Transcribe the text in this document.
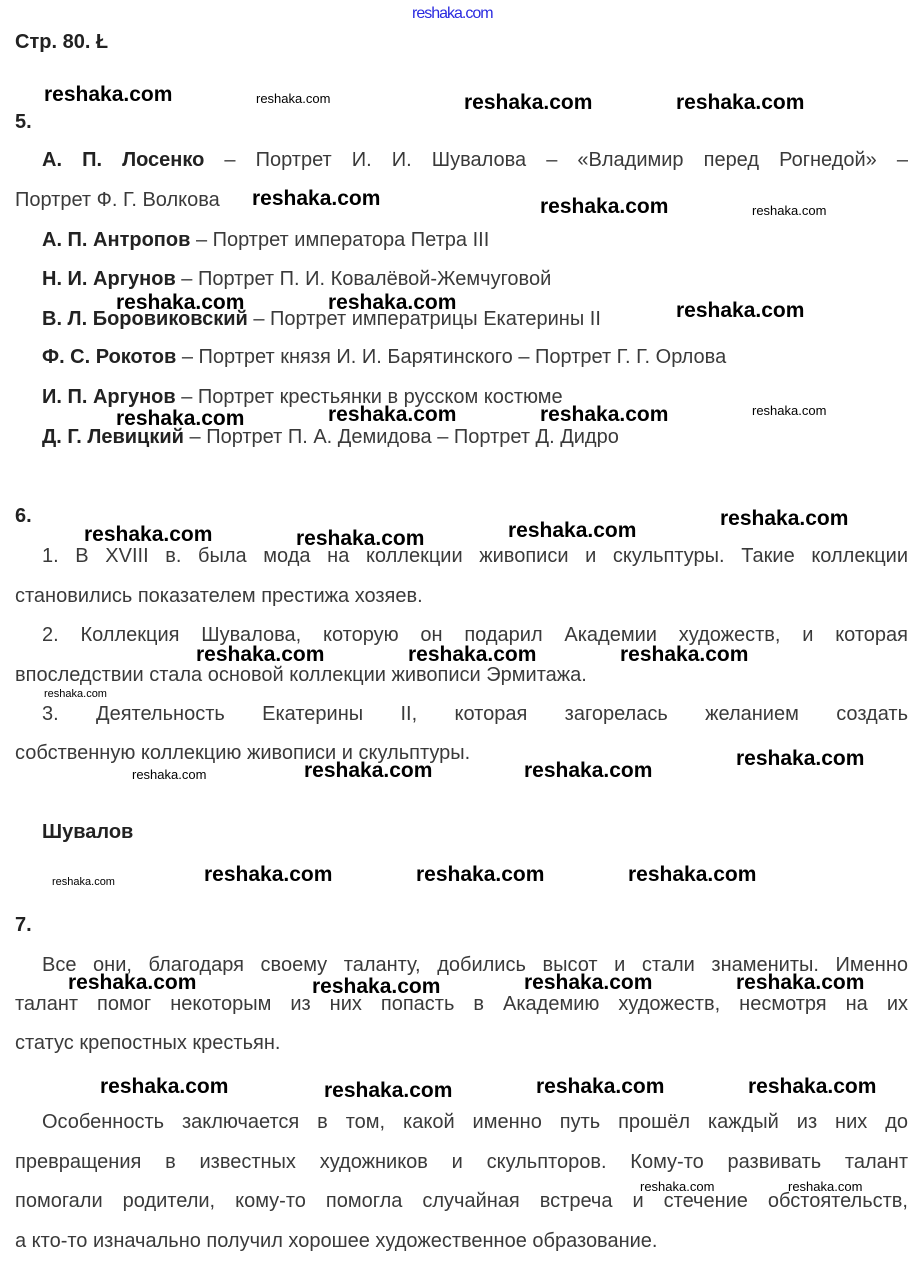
Стр. 80. Ł
5.
А. П. Лосенко – Портрет И. И. Шувалова – «Владимир перед Рогнедой» –
Портрет Ф. Г. Волкова
А. П. Антропов – Портрет императора Петра III
Н. И. Аргунов – Портрет П. И. Ковалёвой-Жемчуговой
В. Л. Боровиковский – Портрет императрицы Екатерины II
Ф. С. Рокотов – Портрет князя И. И. Барятинского – Портрет Г. Г. Орлова
И. П. Аргунов – Портрет крестьянки в русском костюме
Д. Г. Левицкий – Портрет П. А. Демидова – Портрет Д. Дидро
6.
1. В XVIII в. была мода на коллекции живописи и скульптуры. Такие коллекции
становились показателем престижа хозяев.
2. Коллекция Шувалова, которую он подарил Академии художеств, и которая
впоследствии стала основой коллекции живописи Эрмитажа.
3. Деятельность Екатерины II, которая загорелась желанием создать
собственную коллекцию живописи и скульптуры.
Шувалов
7.
Все они, благодаря своему таланту, добились высот и стали знамениты. Именно
талант помог некоторым из них попасть в Академию художеств, несмотря на их
статус крепостных крестьян.
Особенность заключается в том, какой именно путь прошёл каждый из них до
превращения в известных художников и скульпторов. Кому-то развивать талант
помогали родители, кому-то помогла случайная встреча и стечение обстоятельств,
а кто-то изначально получил хорошее художественное образование.
reshaka.com
reshaka.com	reshaka.com	reshaka.com	reshaka.com
reshaka.com	reshaka.com	reshaka.com
reshaka.com	reshaka.com	reshaka.com
reshaka.com	reshaka.com	reshaka.com	reshaka.com
reshaka.com	reshaka.com	reshaka.com
reshaka.com
reshaka.com	reshaka.com	reshaka.com
reshaka.com
reshaka.com	reshaka.com	reshaka.com
reshaka.com
reshaka.com	reshaka.com	reshaka.com	reshaka.com
reshaka.com	reshaka.com	reshaka.com	reshaka.com
reshaka.com	reshaka.com	reshaka.com	reshaka.com
reshaka.com	reshaka.com
